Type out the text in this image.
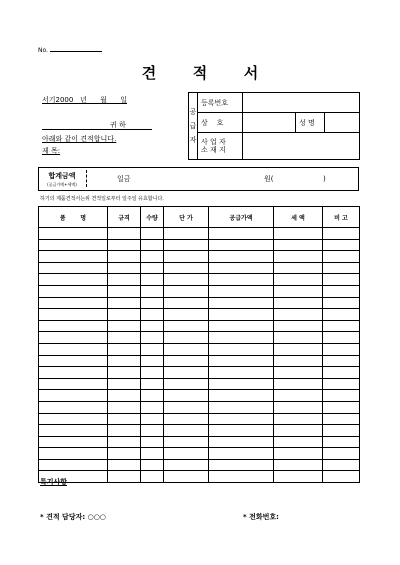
No.
견       적       서
서기2000   년      월      일
귀 하
아래와 같이 견적합니다.
제 목:
공

급

자	등록번호			
	상    호		성 명	
	사 업 자
소 재 지			
합계금액
(공급가액+세액)
일금	원(	)
하기의 제품견적서는위 견적일로부터 일주일 유효합니다.
품       명	규격	수량	단 가	공급가액	세 액	비 고

특기사항
* 견적 담당자: ○○○	* 전화번호:
